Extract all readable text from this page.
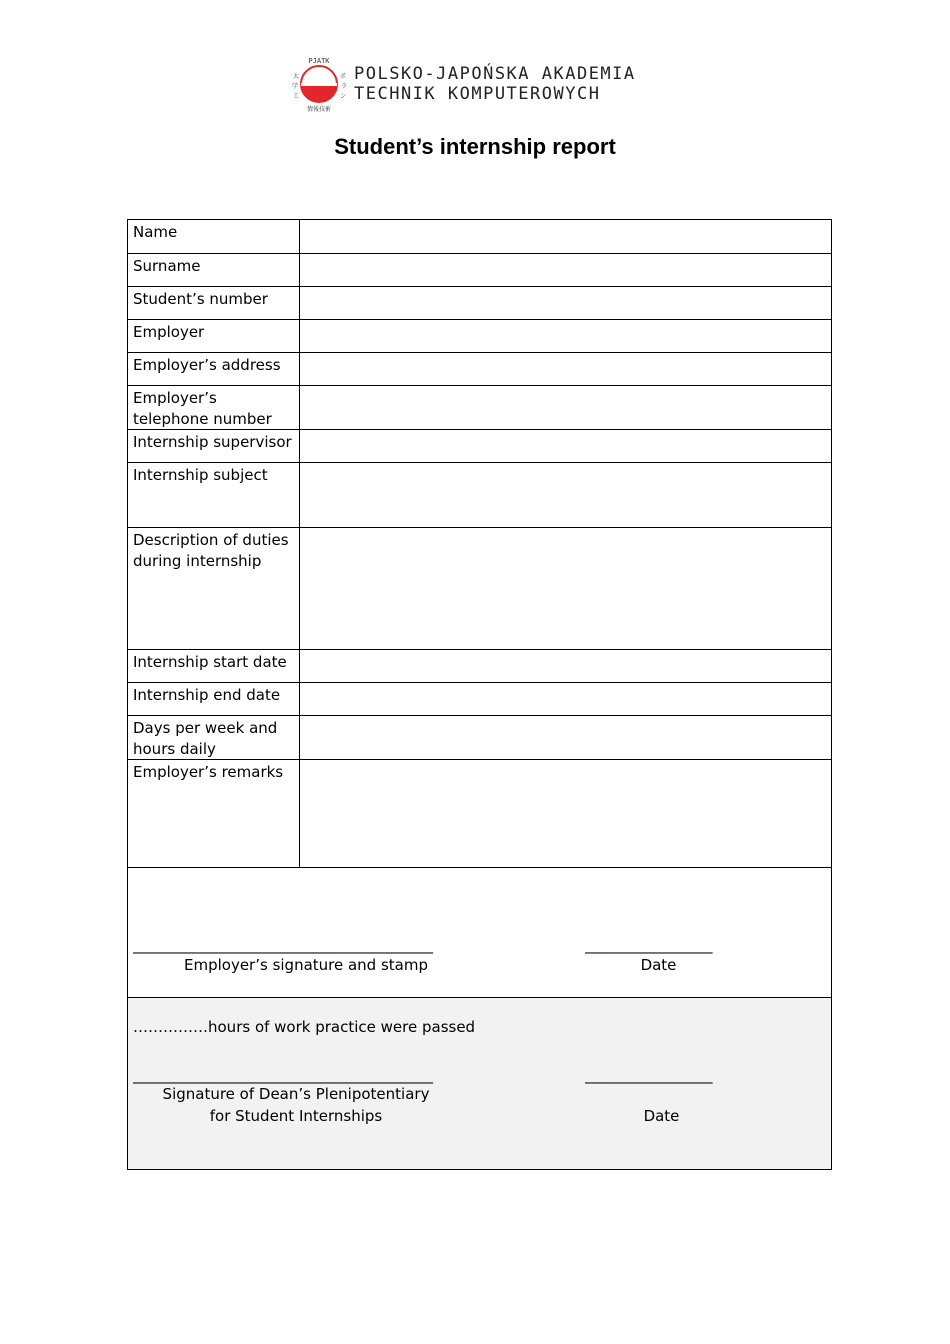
PJATK
大
学
工
ポ
ラ
ン
情報技術
POLSKO-JAPOŃSKA AKADEMIA
TECHNIK KOMPUTEROWYCH
Student’s internship report
Name
Surname
Student’s number
Employer
Employer’s address
Employer’s telephone number
Internship supervisor
Internship subject
Description of duties during internship
Internship start date
Internship end date
Days per week and hours daily
Employer’s remarks
________________________________________
Employer’s signature and stamp
_________________
Date
……………hours of work practice were passed
________________________________________
Signature of Dean’s Plenipotentiary
for Student Internships
_________________
Date
